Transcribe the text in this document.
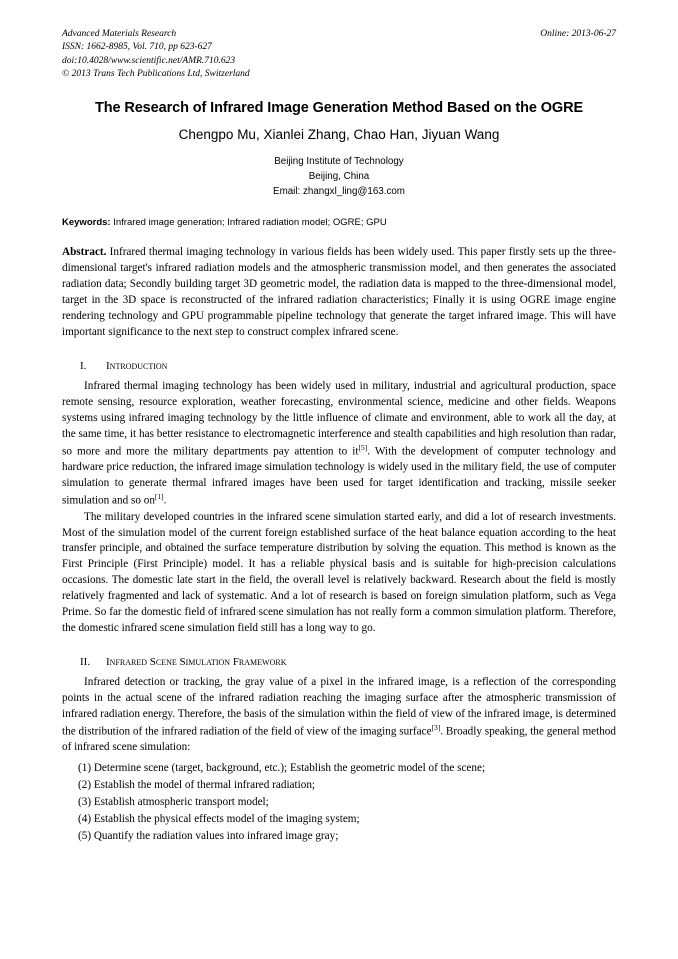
Advanced Materials Research	Online: 2013-06-27
ISSN: 1662-8985, Vol. 710, pp 623-627
doi:10.4028/www.scientific.net/AMR.710.623
© 2013 Trans Tech Publications Ltd, Switzerland
The Research of Infrared Image Generation Method Based on the OGRE
Chengpo Mu, Xianlei Zhang, Chao Han, Jiyuan Wang
Beijing Institute of Technology
Beijing, China
Email: zhangxl_ling@163.com
Keywords: Infrared image generation; Infrared radiation model; OGRE; GPU
Abstract. Infrared thermal imaging technology in various fields has been widely used. This paper firstly sets up the three-dimensional target's infrared radiation models and the atmospheric transmission model, and then generates the associated radiation data; Secondly building target 3D geometric model, the radiation data is mapped to the three-dimensional model, target in the 3D space is reconstructed of the infrared radiation characteristics; Finally it is using OGRE image engine rendering technology and GPU programmable pipeline technology that generate the target infrared image. This will have important significance to the next step to construct complex infrared scene.
I.	Introduction

Infrared thermal imaging technology has been widely used in military, industrial and agricultural production, space remote sensing, resource exploration, weather forecasting, environmental science, medicine and other fields. Weapons systems using infrared imaging technology by the little influence of climate and environment, able to work all the day, at the same time, it has better resistance to electromagnetic interference and stealth capabilities and high resolution than radar, so more and more the military departments pay attention to it[5]. With the development of computer technology and hardware price reduction, the infrared image simulation technology is widely used in the military field, the use of computer simulation to generate thermal infrared images have been used for target identification and tracking, missile seeker simulation and so on[1].

The military developed countries in the infrared scene simulation started early, and did a lot of research investments. Most of the simulation model of the current foreign established surface of the heat balance equation according to the heat transfer principle, and obtained the surface temperature distribution by solving the equation. This method is known as the First Principle (First Principle) model. It has a reliable physical basis and is suitable for high-precision calculations occasions. The domestic late start in the field, the overall level is relatively backward. Research about the field is mostly relatively fragmented and lack of systematic. And a lot of research is based on foreign simulation platform, such as Vega Prime. So far the domestic field of infrared scene simulation has not really form a common simulation platform. Therefore, the domestic infrared scene simulation field still has a long way to go.

II.	Infrared Scene Simulation Framework

Infrared detection or tracking, the gray value of a pixel in the infrared image, is a reflection of the corresponding points in the actual scene of the infrared radiation reaching the imaging surface after the atmospheric transmission of infrared radiation energy. Therefore, the basis of the simulation within the field of view of the infrared image, is determined the distribution of the infrared radiation of the field of view of the imaging surface[3]. Broadly speaking, the general method of infrared scene simulation:

(1) Determine scene (target, background, etc.); Establish the geometric model of the scene;
(2) Establish the model of thermal infrared radiation;
(3) Establish atmospheric transport model;
(4) Establish the physical effects model of the imaging system;
(5) Quantify the radiation values into infrared image gray;
